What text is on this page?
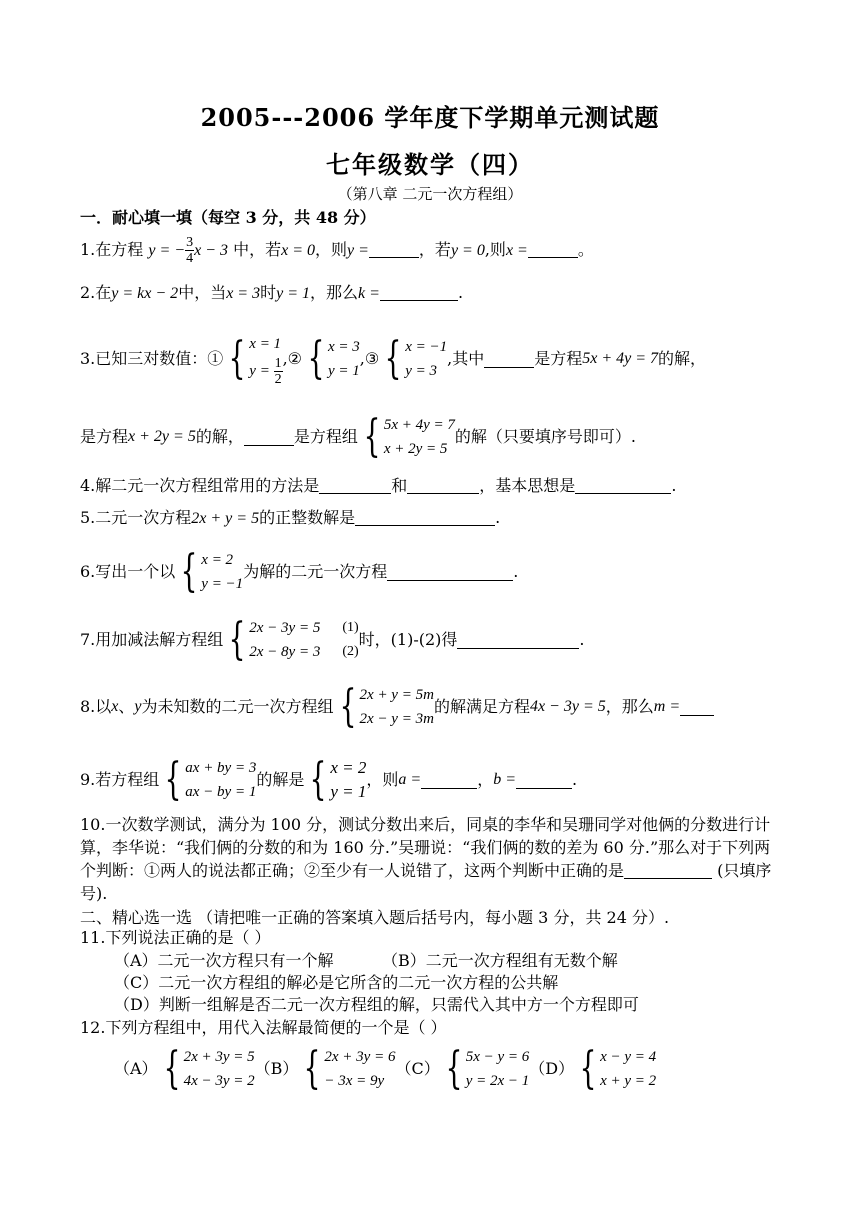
2005---2006 学年度下学期单元测试题
七年级数学（四）
（第八章 二元一次方程组）
一．耐心填一填（每空 3 分，共 48 分）
1.在方程 y = − $\frac{3}{4}$ x − 3 中，若x = 0，则y =	，若y = 0,则x =	。
2.在y = kx − 2中，当x = 3时y = 1，那么k =	.
3.已知三对数值：① { x = 1
$y = \frac{1}{2}$ ,② { x = 3
y = 1
,③ { x = −1
y = 3
,其中	是方程 5x + 4y = 7 的解，
是方程 x + 2y = 5 的解，	是方程组 { 5x + 4y = 7
x + 2y = 5
的解（只要填序号即可）.
4.解二元一次方程组常用的方法是	和	，基本思想是	.
5.二元一次方程2x + y = 5的正整数解是	.
6.写出一个以 { x = 2
y = −1
为解的二元一次方程	.
7.用加减法解方程组 { 2x − 3y = 5
2x − 8y = 3
(1)
(2)
时，(1)-(2)得	.
8.以 x 、 y 为未知数的二元一次方程组 { 2x + y = 5m
2x − y = 3m
的解满足方程 4x − 3y = 5 ，那么 m =
9.若方程组 { ax + by = 3
ax − by = 1
的解是 { x = 2
y = 1
，则 a =	， b =	.
10.一次数学测试，满分为 100 分，测试分数出来后，同桌的李华和吴珊同学对他俩的分数进行计算，李华说：“我们俩的分数的和为 160 分.”吴珊说：“我们俩的数的差为 60 分.”那么对于下列两个判断：①两人的说法都正确；②至少有一人说错了，这两个判断中正确的是	(只填序号).
二、精心选一选 （请把唯一正确的答案填入题后括号内，每小题 3 分，共 24 分）.
11.下列说法正确的是（ ）
（A）二元一次方程只有一个解	（B）二元一次方程组有无数个解
（C）二元一次方程组的解必是它所含的二元一次方程的公共解
（D）判断一组解是否二元一次方程组的解，只需代入其中方一个方程即可
12.下列方程组中，用代入法解最简便的一个是（ ）
（A） { 2x + 3y = 5
4x − 3y = 2
（B） { 2x + 3y = 6
− 3x = 9y
（C） { 5x − y = 6
y = 2x − 1
（D） { x − y = 4
x + y = 2
